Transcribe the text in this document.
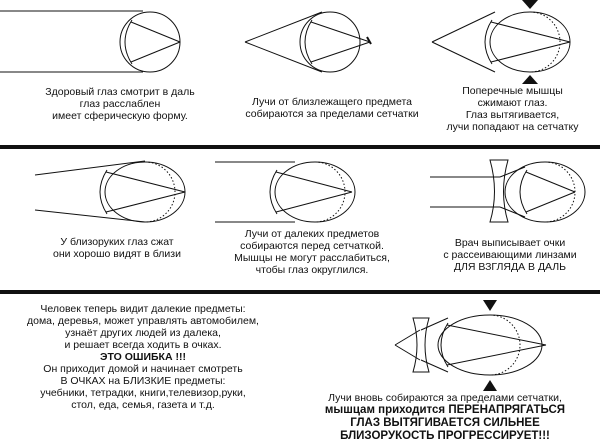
Здоровый глаз смотрит в даль
глаз расслаблен
имеет сферическую форму.
Лучи от близлежащего предмета
собираются за пределами сетчатки
Поперечные мышцы
сжимают глаз.
Глаз вытягивается,
лучи попадают на сетчатку
У близоруких глаз сжат
они хорошо видят в близи
Лучи от далеких предметов
собираются перед сетчаткой.
Мышцы не могут расслабиться,
чтобы глаз округлился.
Врач выписывает очки
с рассеивающими линзами
ДЛЯ ВЗГЛЯДА В ДАЛЬ
Человек теперь видит далекие предметы:
дома, деревья, может управлять автомобилем,
узнаёт других людей из далека,
и решает всегда ходить в очках.
ЭТО ОШИБКА !!!
Он приходит домой и начинает смотреть
В ОЧКАХ на БЛИЗКИЕ предметы:
учебники, тетрадки, книги,телевизор,руки,
стол, еда, семья, газета и т.д.
Лучи вновь собираются за пределами сетчатки,
мышцам приходится ПЕРЕНАПРЯГАТЬСЯ
ГЛАЗ ВЫТЯГИВАЕТСЯ СИЛЬНЕЕ
БЛИЗОРУКОСТЬ ПРОГРЕССИРУЕТ!!!
